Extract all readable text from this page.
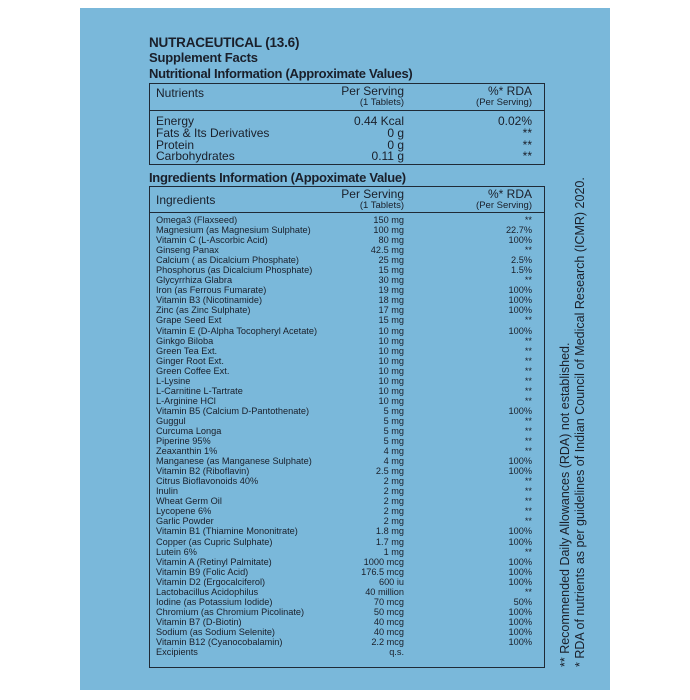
NUTRACEUTICAL (13.6)
Supplement Facts
Nutritional Information (Approximate Values)
Nutrients	Per Serving
(1 Tablets)
%* RDA
(Per Serving)
Energy	0.44 Kcal	0.02%
Fats & Its Derivatives	0 g	**
Protein	0 g	**
Carbohydrates	0.11 g	**
Ingredients Information (Appoximate Value)
Ingredients	Per Serving
(1 Tablets)
%* RDA
(Per Serving)
Omega3 (Flaxseed)	150 mg	**
Magnesium (as Magnesium Sulphate)	100 mg	22.7%
Vitamin C (L-Ascorbic Acid)	80 mg	100%
Ginseng Panax	42.5 mg	**
Calcium ( as Dicalcium Phosphate)	25 mg	2.5%
Phosphorus (as Dicalcium Phosphate)	15 mg	1.5%
Glycyrrhiza Glabra	30 mg	**
Iron (as Ferrous Fumarate)	19 mg	100%
Vitamin B3 (Nicotinamide)	18 mg	100%
Zinc (as Zinc Sulphate)	17 mg	100%
Grape Seed Ext	15 mg	**
Vitamin E (D-Alpha Tocopheryl Acetate)	10 mg	100%
Ginkgo Biloba	10 mg	**
Green Tea Ext.	10 mg	**
Ginger Root Ext.	10 mg	**
Green Coffee Ext.	10 mg	**
L-Lysine	10 mg	**
L-Carnitine L-Tartrate	10 mg	**
L-Arginine HCl	10 mg	**
Vitamin B5 (Calcium D-Pantothenate)	5 mg	100%
Guggul	5 mg	**
Curcuma Longa	5 mg	**
Piperine 95%	5 mg	**
Zeaxanthin 1%	4 mg	**
Manganese (as Manganese Sulphate)	4 mg	100%
Vitamin B2 (Riboflavin)	2.5 mg	100%
Citrus Bioflavonoids 40%	2 mg	**
Inulin	2 mg	**
Wheat Germ Oil	2 mg	**
Lycopene 6%	2 mg	**
Garlic Powder	2 mg	**
Vitamin B1 (Thiamine Mononitrate)	1.8 mg	100%
Copper (as Cupric Sulphate)	1.7 mg	100%
Lutein 6%	1 mg	**
Vitamin A (Retinyl Palmitate)	1000 mcg	100%
Vitamin B9 (Folic Acid)	176.5 mcg	100%
Vitamin D2 (Ergocalciferol)	600 iu	100%
Lactobacillus Acidophilus	40 million	**
Iodine (as Potassium Iodide)	70 mcg	50%
Chromium (as Chromium Picolinate)	50 mcg	100%
Vitamin B7 (D-Biotin)	40 mcg	100%
Sodium (as Sodium Selenite)	40 mcg	100%
Vitamin B12 (Cyanocobalamin)	2.2 mcg	100%
Excipients	q.s.	** Recommended Daily Allowances (RDA) not established. * RDA of nutrients as per guidelines of Indian Council of Medical Research (ICMR) 2020.
